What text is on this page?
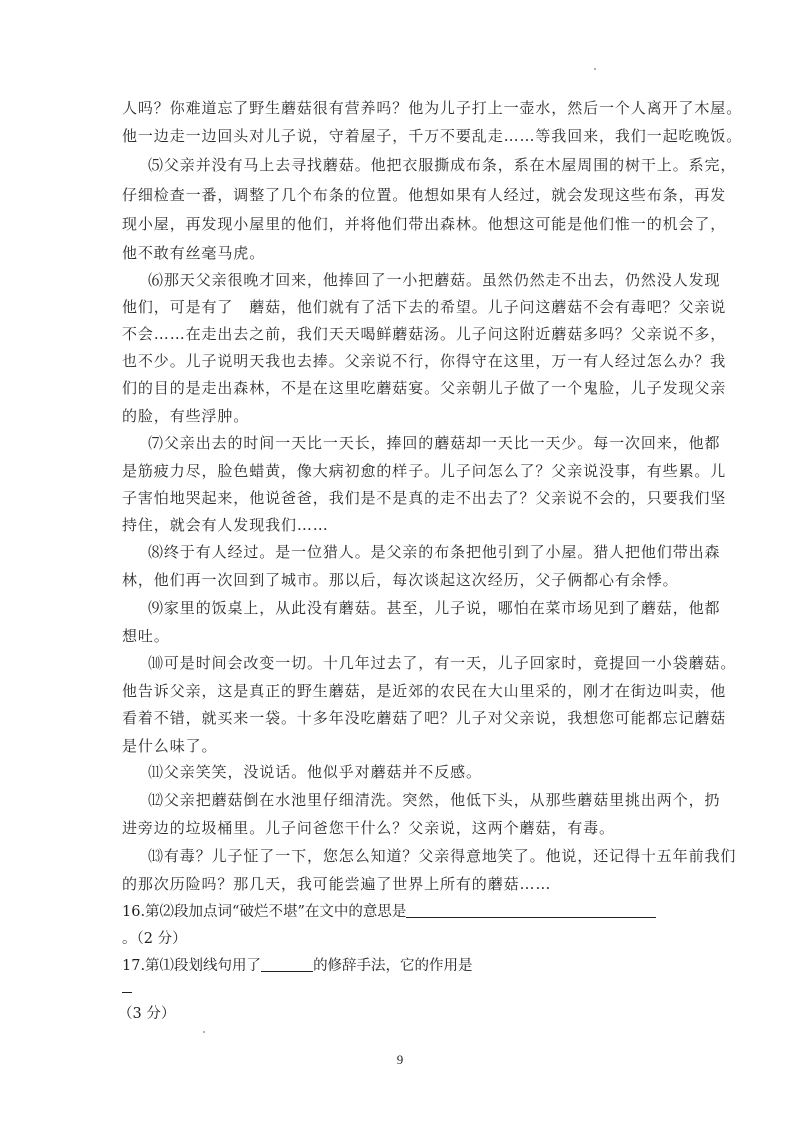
人吗？你难道忘了野生蘑菇很有营养吗？他为儿子打上一壶水，然后一个人离开了木屋。
他一边走一边回头对儿子说，守着屋子，千万不要乱走……等我回来，我们一起吃晚饭。
⑸父亲并没有马上去寻找蘑菇。他把衣服撕成布条，系在木屋周围的树干上。系完，
仔细检查一番，调整了几个布条的位置。他想如果有人经过，就会发现这些布条，再发
现小屋，再发现小屋里的他们，并将他们带出森林。他想这可能是他们惟一的机会了，
他不敢有丝毫马虎。
⑹那天父亲很晚才回来，他捧回了一小把蘑菇。虽然仍然走不出去，仍然没人发现
他们，可是有了　蘑菇，他们就有了活下去的希望。儿子问这蘑菇不会有毒吧？父亲说
不会……在走出去之前，我们天天喝鲜蘑菇汤。儿子问这附近蘑菇多吗？父亲说不多，
也不少。儿子说明天我也去捧。父亲说不行，你得守在这里，万一有人经过怎么办？我
们的目的是走出森林，不是在这里吃蘑菇宴。父亲朝儿子做了一个鬼脸，儿子发现父亲
的脸，有些浮肿。
⑺父亲出去的时间一天比一天长，捧回的蘑菇却一天比一天少。每一次回来，他都
是筋疲力尽，脸色蜡黄，像大病初愈的样子。儿子问怎么了？父亲说没事，有些累。儿
子害怕地哭起来，他说爸爸，我们是不是真的走不出去了？父亲说不会的，只要我们坚
持住，就会有人发现我们……
⑻终于有人经过。是一位猎人。是父亲的布条把他引到了小屋。猎人把他们带出森
林，他们再一次回到了城市。那以后，每次谈起这次经历，父子俩都心有余悸。
⑼家里的饭桌上，从此没有蘑菇。甚至，儿子说，哪怕在菜市场见到了蘑菇，他都
想吐。
⑽可是时间会改变一切。十几年过去了，有一天，儿子回家时，竟提回一小袋蘑菇。
他告诉父亲，这是真正的野生蘑菇，是近郊的农民在大山里采的，刚才在街边叫卖，他
看着不错，就买来一袋。十多年没吃蘑菇了吧？儿子对父亲说，我想您可能都忘记蘑菇
是什么味了。
⑾父亲笑笑，没说话。他似乎对蘑菇并不反感。
⑿父亲把蘑菇倒在水池里仔细清洗。突然，他低下头，从那些蘑菇里挑出两个，扔
进旁边的垃圾桶里。儿子问爸您干什么？父亲说，这两个蘑菇，有毒。
⒀有毒？儿子怔了一下，您怎么知道？父亲得意地笑了。他说，还记得十五年前我们
的那次历险吗？那几天，我可能尝遍了世界上所有的蘑菇……
16.第⑵段加点词“破烂不堪”在文中的意思是
。（2 分）
17.第⑴段划线句用了	的修辞手法，它的作用是
（3 分）
9
